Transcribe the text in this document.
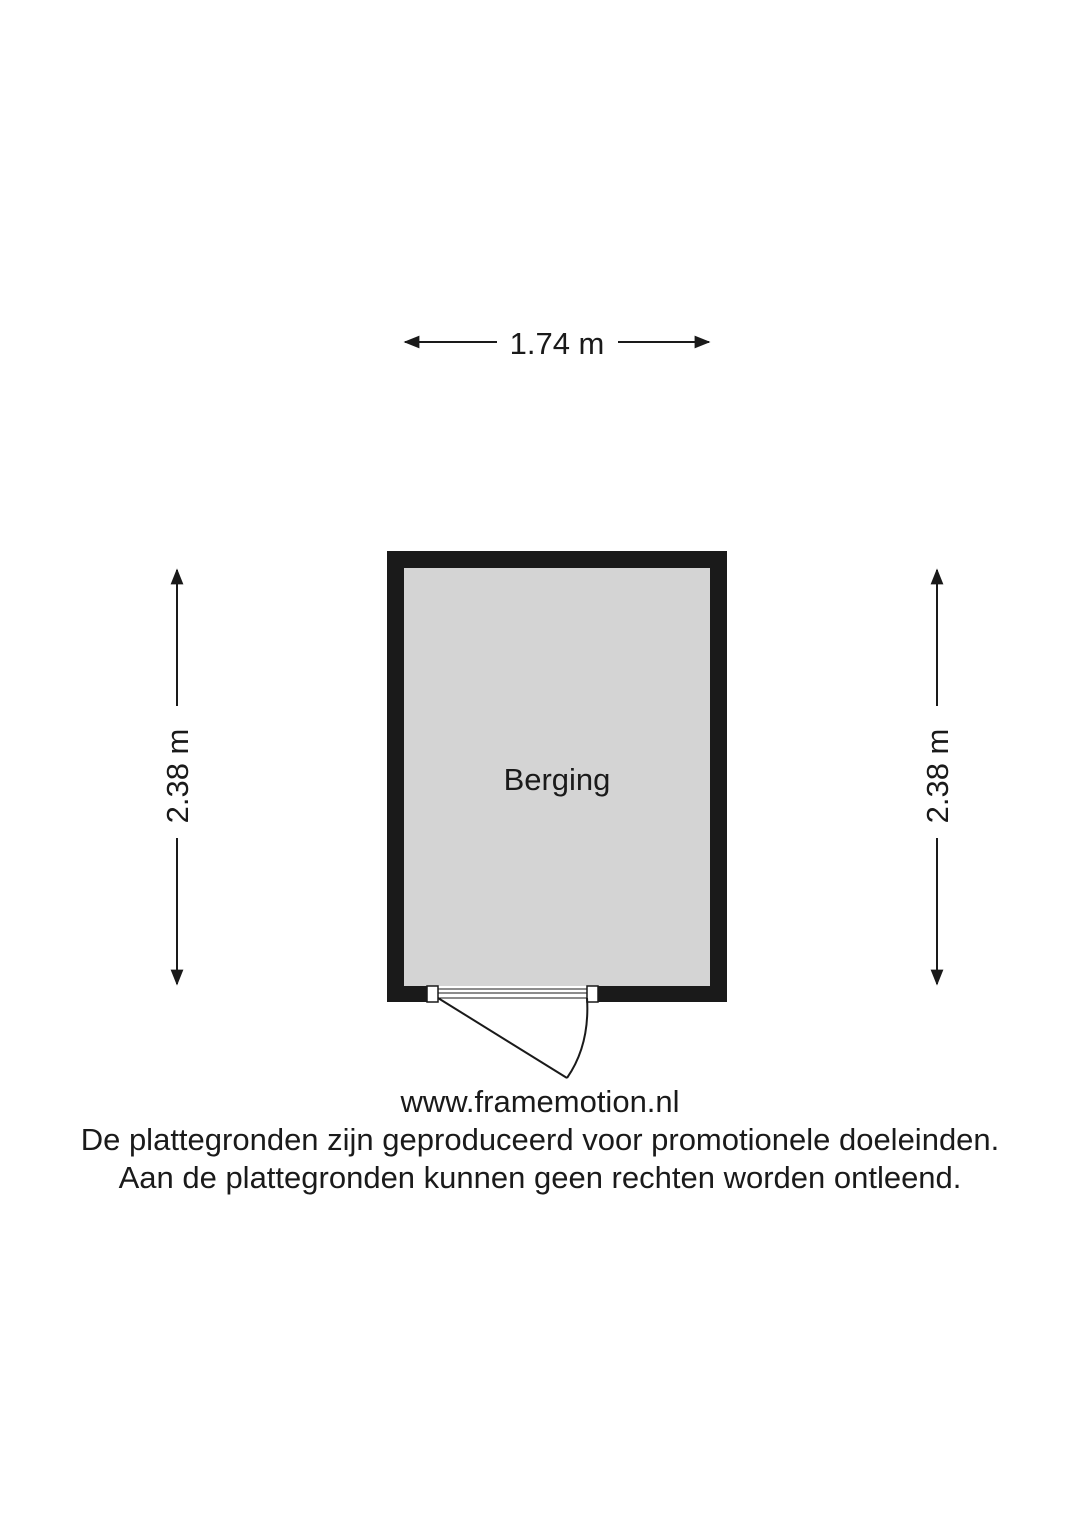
1.74 m
2.38 m	2.38 m
Berging
www.framemotion.nl
De plattegronden zijn geproduceerd voor promotionele doeleinden.
Aan de plattegronden kunnen geen rechten worden ontleend.
